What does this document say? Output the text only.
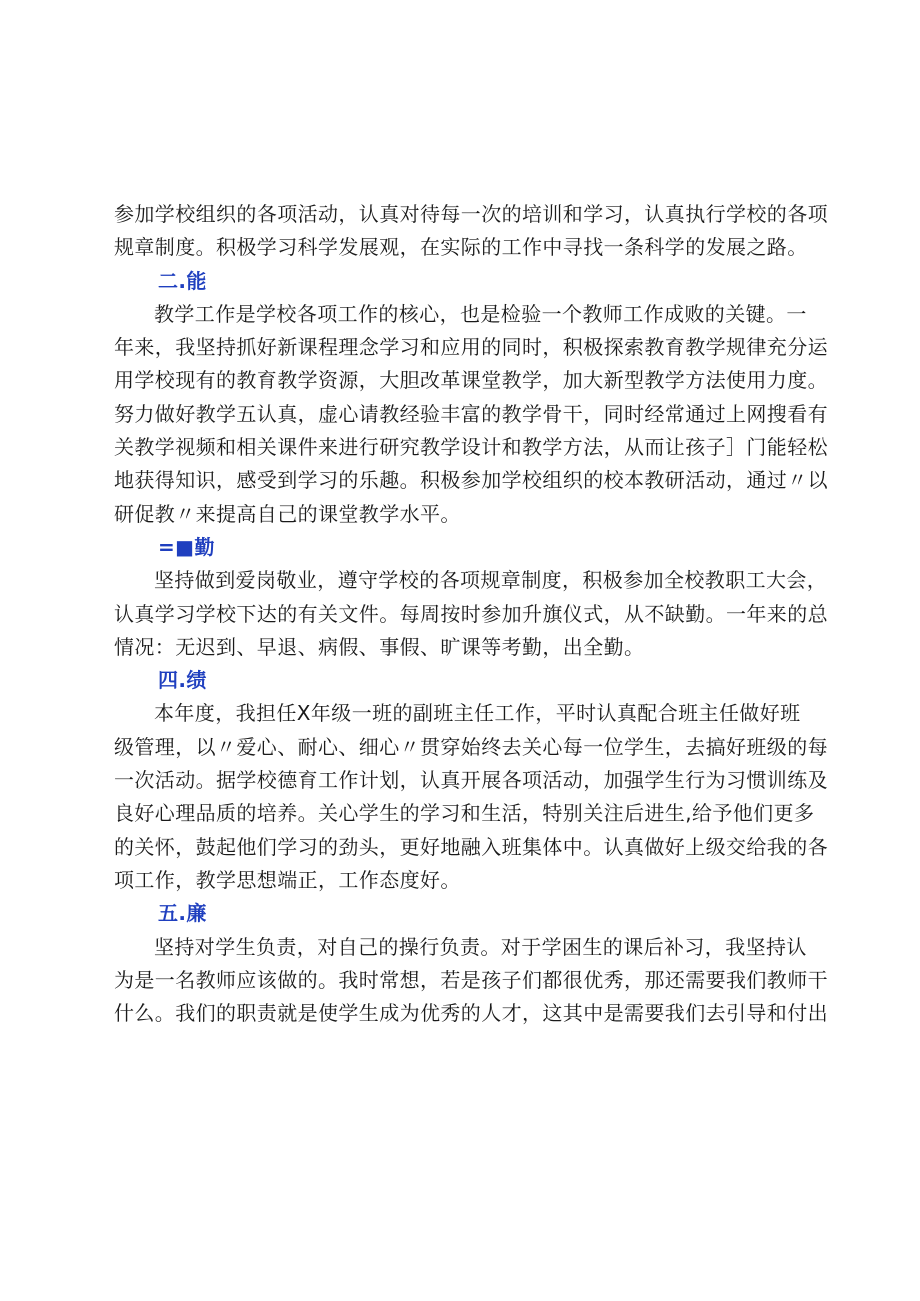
参加学校组织的各项活动，认真对待每一次的培训和学习，认真执行学校的各项
规章制度。积极学习科学发展观，在实际的工作中寻找一条科学的发展之路。

二.能

教学工作是学校各项工作的核心，也是检验一个教师工作成败的关键。一
年来，我坚持抓好新课程理念学习和应用的同时，积极探索教育教学规律充分运
用学校现有的教育教学资源，大胆改革课堂教学，加大新型教学方法使用力度。
努力做好教学五认真，虚心请教经验丰富的教学骨干，同时经常通过上网搜看有
关教学视频和相关课件来进行研究教学设计和教学方法，从而让孩子］门能轻松
地获得知识，感受到学习的乐趣。积极参加学校组织的校本教研活动，通过〃以
研促教〃来提高自己的课堂教学水平。

=■勤

坚持做到爱岗敬业，遵守学校的各项规章制度，积极参加全校教职工大会，
认真学习学校下达的有关文件。每周按时参加升旗仪式，从不缺勤。一年来的总
情况：无迟到、早退、病假、事假、旷课等考勤，出全勤。

四.绩

本年度，我担任X年级一班的副班主任工作，平时认真配合班主任做好班
级管理，以〃爱心、耐心、细心〃贯穿始终去关心每一位学生，去搞好班级的每
一次活动。据学校德育工作计划，认真开展各项活动，加强学生行为习惯训练及
良好心理品质的培养。关心学生的学习和生活，特别关注后进生,给予他们更多
的关怀，鼓起他们学习的劲头，更好地融入班集体中。认真做好上级交给我的各
项工作，教学思想端正，工作态度好。

五.廉

坚持对学生负责，对自己的操行负责。对于学困生的课后补习，我坚持认
为是一名教师应该做的。我时常想，若是孩子们都很优秀，那还需要我们教师干
什么。我们的职责就是使学生成为优秀的人才，这其中是需要我们去引导和付出
